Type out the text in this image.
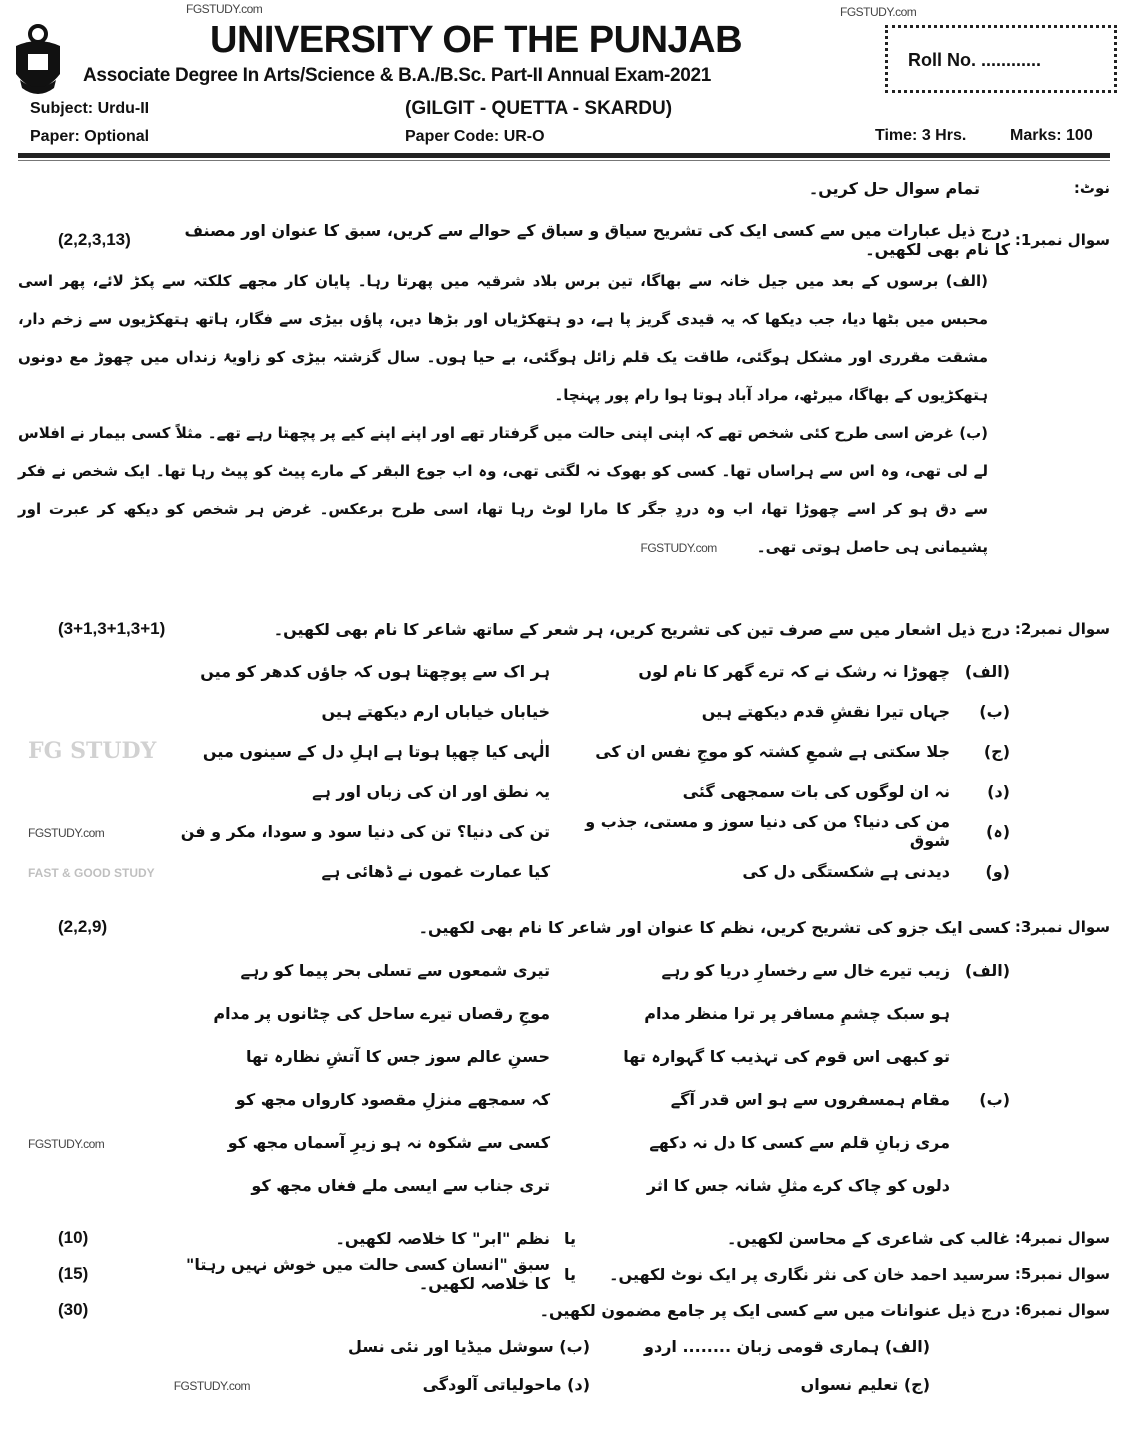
FGSTUDY.com	FGSTUDY.com
UNIVERSITY OF THE PUNJAB
Associate Degree In Arts/Science & B.A./B.Sc. Part-II Annual Exam-2021
Roll No. ............
Subject: Urdu-II
Paper: Optional
(GILGIT - QUETTA - SKARDU)
Paper Code: UR-O	Time: 3 Hrs.	Marks: 100
نوٹ:
تمام سوال حل کریں۔
سوال نمبر1:
درج ذیل عبارات میں سے کسی ایک کی تشریح سیاق و سباق کے حوالے سے کریں، سبق کا عنوان اور مصنف کا نام بھی لکھیں۔
(2,2,3,13)
(الف) برسوں کے بعد میں جیل خانہ سے بھاگا، تین برس بلاد شرقیہ میں پھرتا رہا۔ پایان کار مجھے کلکتہ سے پکڑ لائے، پھر اسی محبس میں بٹھا دیا، جب دیکھا کہ یہ قیدی گریز پا ہے، دو ہتھکڑیاں اور بڑھا دیں، پاؤں بیڑی سے فگار، ہاتھ ہتھکڑیوں سے زخم دار، مشقت مقرری اور مشکل ہوگئی، طاقت یک قلم زائل ہوگئی، بے حیا ہوں۔ سال گزشتہ بیڑی کو زاویۂ زنداں میں چھوڑ مع دونوں ہتھکڑیوں کے بھاگا، میرٹھ، مراد آباد ہوتا ہوا رام پور پہنچا۔
(ب) غرض اسی طرح کئی شخص تھے کہ اپنی اپنی حالت میں گرفتار تھے اور اپنے اپنے کیے پر پچھتا رہے تھے۔ مثلاً کسی بیمار نے افلاس لے لی تھی، وہ اس سے ہراساں تھا۔ کسی کو بھوک نہ لگتی تھی، وہ اب جوع البقر کے مارے پیٹ کو پیٹ رہا تھا۔ ایک شخص نے فکر سے دق ہو کر اسے چھوڑا تھا، اب وہ دردِ جگر کا مارا لوٹ رہا تھا، اسی طرح برعکس۔ غرض ہر شخص کو دیکھ کر عبرت اور پشیمانی ہی حاصل ہوتی تھی۔FGSTUDY.com
سوال نمبر2:
درج ذیل اشعار میں سے صرف تین کی تشریح کریں، ہر شعر کے ساتھ شاعر کا نام بھی لکھیں۔
(3+1,3+1,3+1)
(الف)
چھوڑا نہ رشک نے کہ ترے گھر کا نام لوں
ہر اک سے پوچھتا ہوں کہ جاؤں کدھر کو میں
(ب)
جہاں تیرا نقشِ قدم دیکھتے ہیں
خیاباں خیاباں ارم دیکھتے ہیں
(ج)
جلا سکتی ہے شمعِ کشتہ کو موجِ نفس ان کی
الٰہی کیا چھپا ہوتا ہے اہلِ دل کے سینوں میں
FG STUDY
(د)
نہ ان لوگوں کی بات سمجھی گئی
یہ نطق اور ان کی زباں اور ہے
(ہ)
من کی دنیا؟ من کی دنیا سوز و مستی، جذب و شوق
تن کی دنیا؟ تن کی دنیا سود و سودا، مکر و فن
FGSTUDY.com
(و)
دیدنی ہے شکستگی دل کی
کیا عمارت غموں نے ڈھائی ہے
FAST & GOOD STUDY
سوال نمبر3:
کسی ایک جزو کی تشریح کریں، نظم کا عنوان اور شاعر کا نام بھی لکھیں۔
(2,2,9)
(الف)
زیب تیرے خال سے رخسارِ دریا کو رہے
تیری شمعوں سے تسلی بحر پیما کو رہے
ہو سبک چشمِ مسافر پر ترا منظر مدام
موجِ رقصاں تیرے ساحل کی چٹانوں پر مدام
تو کبھی اس قوم کی تہذیب کا گہوارہ تھا
حسنِ عالم سوز جس کا آتشِ نظارہ تھا
(ب)
مقام ہمسفروں سے ہو اس قدر آگے
کہ سمجھے منزلِ مقصود کارواں مجھ کو
مری زبانِ قلم سے کسی کا دل نہ دکھے
کسی سے شکوہ نہ ہو زیرِ آسماں مجھ کو
FGSTUDY.com
دلوں کو چاک کرے مثلِ شانہ جس کا اثر
تری جناب سے ایسی ملے فغاں مجھ کو
سوال نمبر4:
غالب کی شاعری کے محاسن لکھیں۔
یا
نظم "ابر" کا خلاصہ لکھیں۔
(10)
سوال نمبر5:
سرسید احمد خان کی نثر نگاری پر ایک نوٹ لکھیں۔
یا
سبق "انسان کسی حالت میں خوش نہیں رہتا" کا خلاصہ لکھیں۔
(15)
سوال نمبر6:
درج ذیل عنوانات میں سے کسی ایک پر جامع مضمون لکھیں۔
(30)
(الف) ہماری قومی زبان ........ اردو
(ب) سوشل میڈیا اور نئی نسل
(ج) تعلیم نسواں
(د) ماحولیاتی آلودگی
FGSTUDY.com
